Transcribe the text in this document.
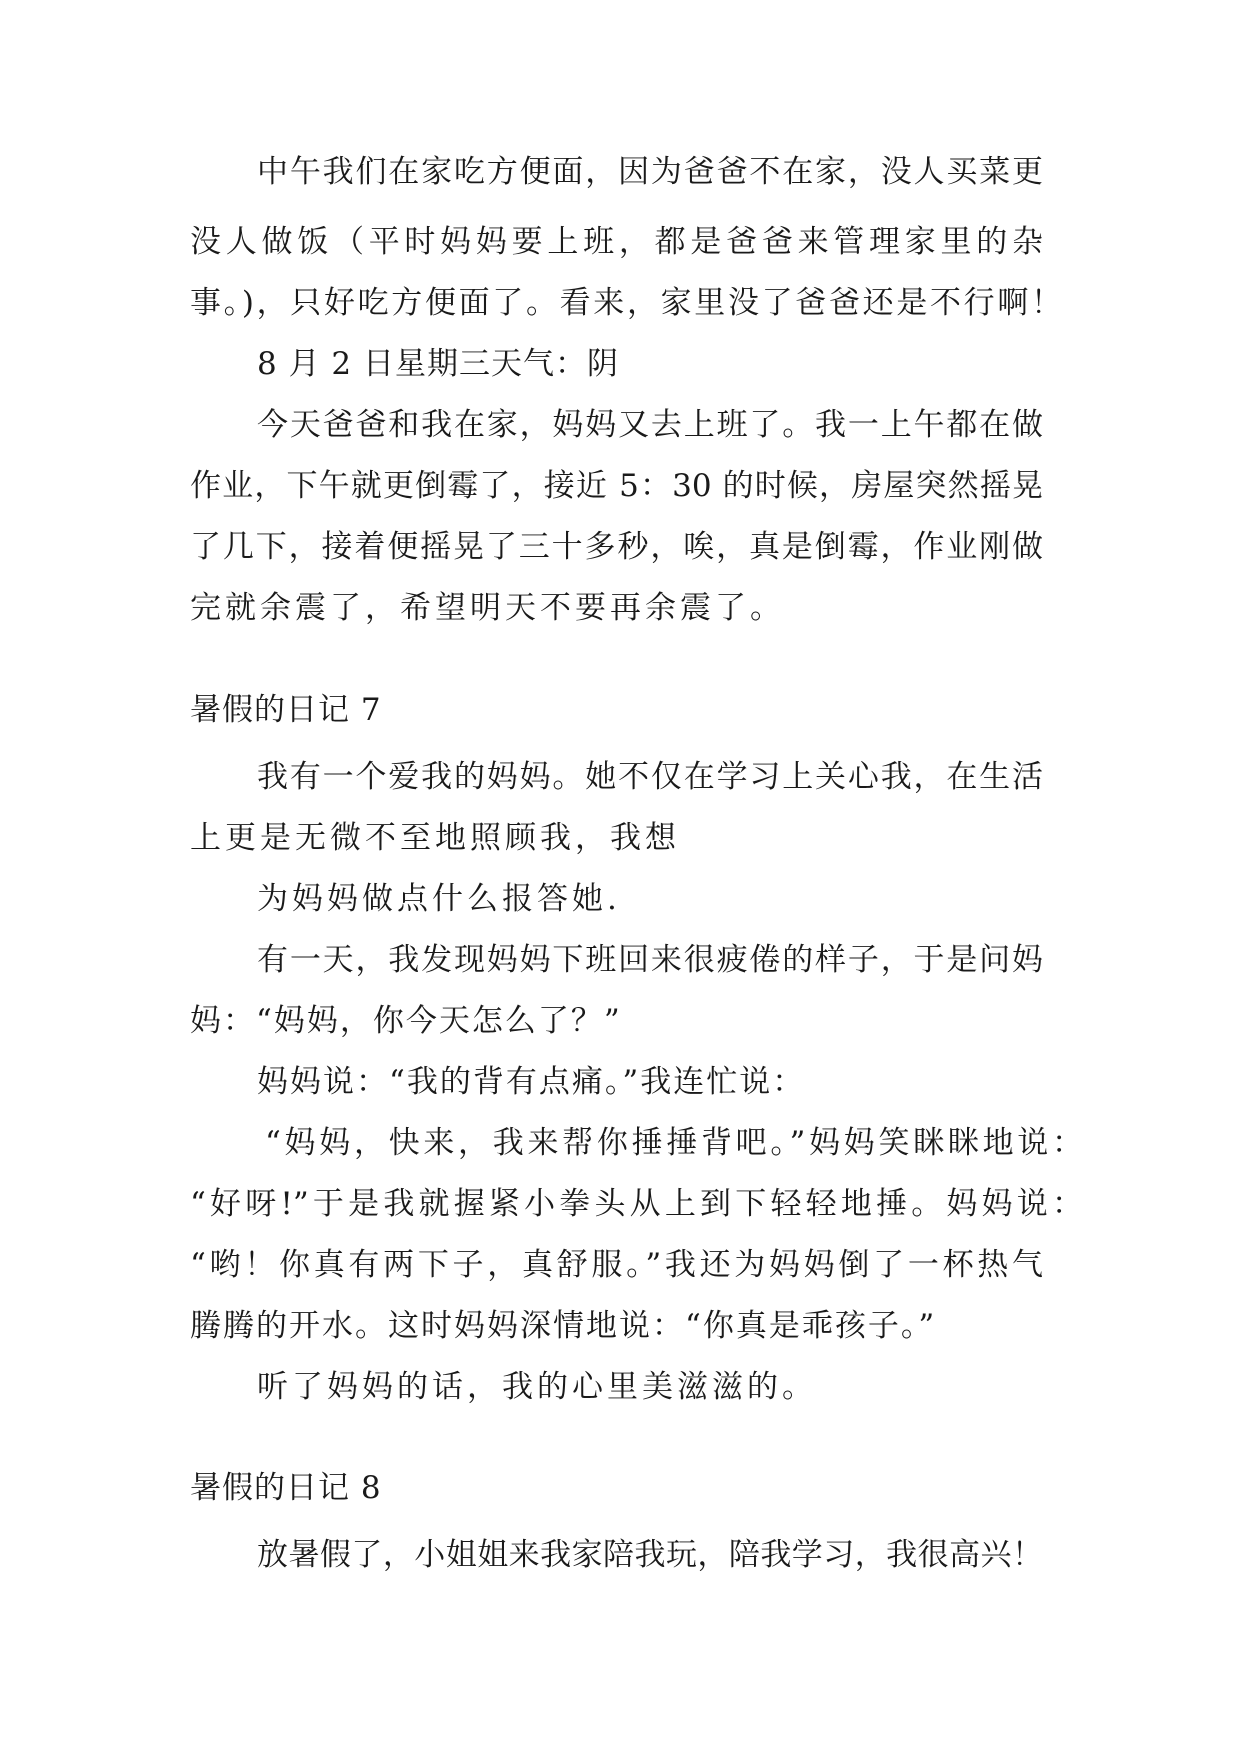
中午我们在家吃方便面，因为爸爸不在家，没人买菜更
没人做饭（平时妈妈要上班，都是爸爸来管理家里的杂
事。)，只好吃方便面了。看来，家里没了爸爸还是不行啊！
8 月 2 日星期三天气：阴
今天爸爸和我在家，妈妈又去上班了。我一上午都在做
作业，下午就更倒霉了，接近 5：30 的时候，房屋突然摇晃
了几下，接着便摇晃了三十多秒，唉，真是倒霉，作业刚做
完就余震了，希望明天不要再余震了。
暑假的日记 7
我有一个爱我的妈妈。她不仅在学习上关心我，在生活
上更是无微不至地照顾我，我想
为妈妈做点什么报答她.
有一天，我发现妈妈下班回来很疲倦的样子，于是问妈
妈：“妈妈，你今天怎么了？”
妈妈说：“我的背有点痛。”我连忙说：
“妈妈，快来，我来帮你捶捶背吧。”妈妈笑眯眯地说：
“好呀!”于是我就握紧小拳头从上到下轻轻地捶。妈妈说：
“哟！你真有两下子，真舒服。”我还为妈妈倒了一杯热气
腾腾的开水。这时妈妈深情地说：“你真是乖孩子。”
听了妈妈的话，我的心里美滋滋的。
暑假的日记 8
放暑假了，小姐姐来我家陪我玩，陪我学习，我很高兴！
